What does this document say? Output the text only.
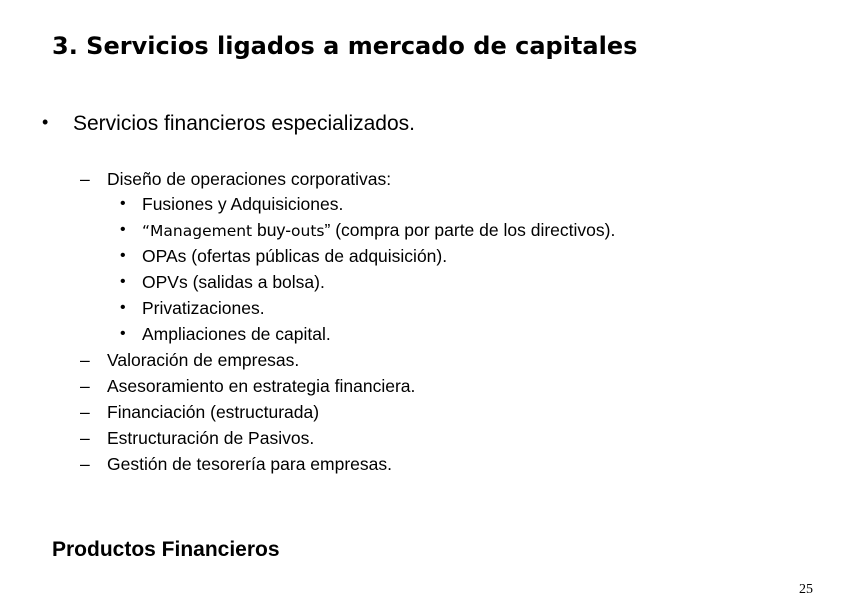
3. Servicios ligados a mercado de capitales
• Servicios financieros especializados.
– Diseño de operaciones corporativas:
• Fusiones y Adquisiciones.
• “Management buy-outs” (compra por parte de los directivos).
• OPAs (ofertas públicas de adquisición).
• OPVs (salidas a bolsa).
• Privatizaciones.
• Ampliaciones de capital.
– Valoración de empresas.
– Asesoramiento en estrategia financiera.
– Financiación (estructurada)
– Estructuración de Pasivos.
– Gestión de tesorería para empresas.
Productos Financieros
25
